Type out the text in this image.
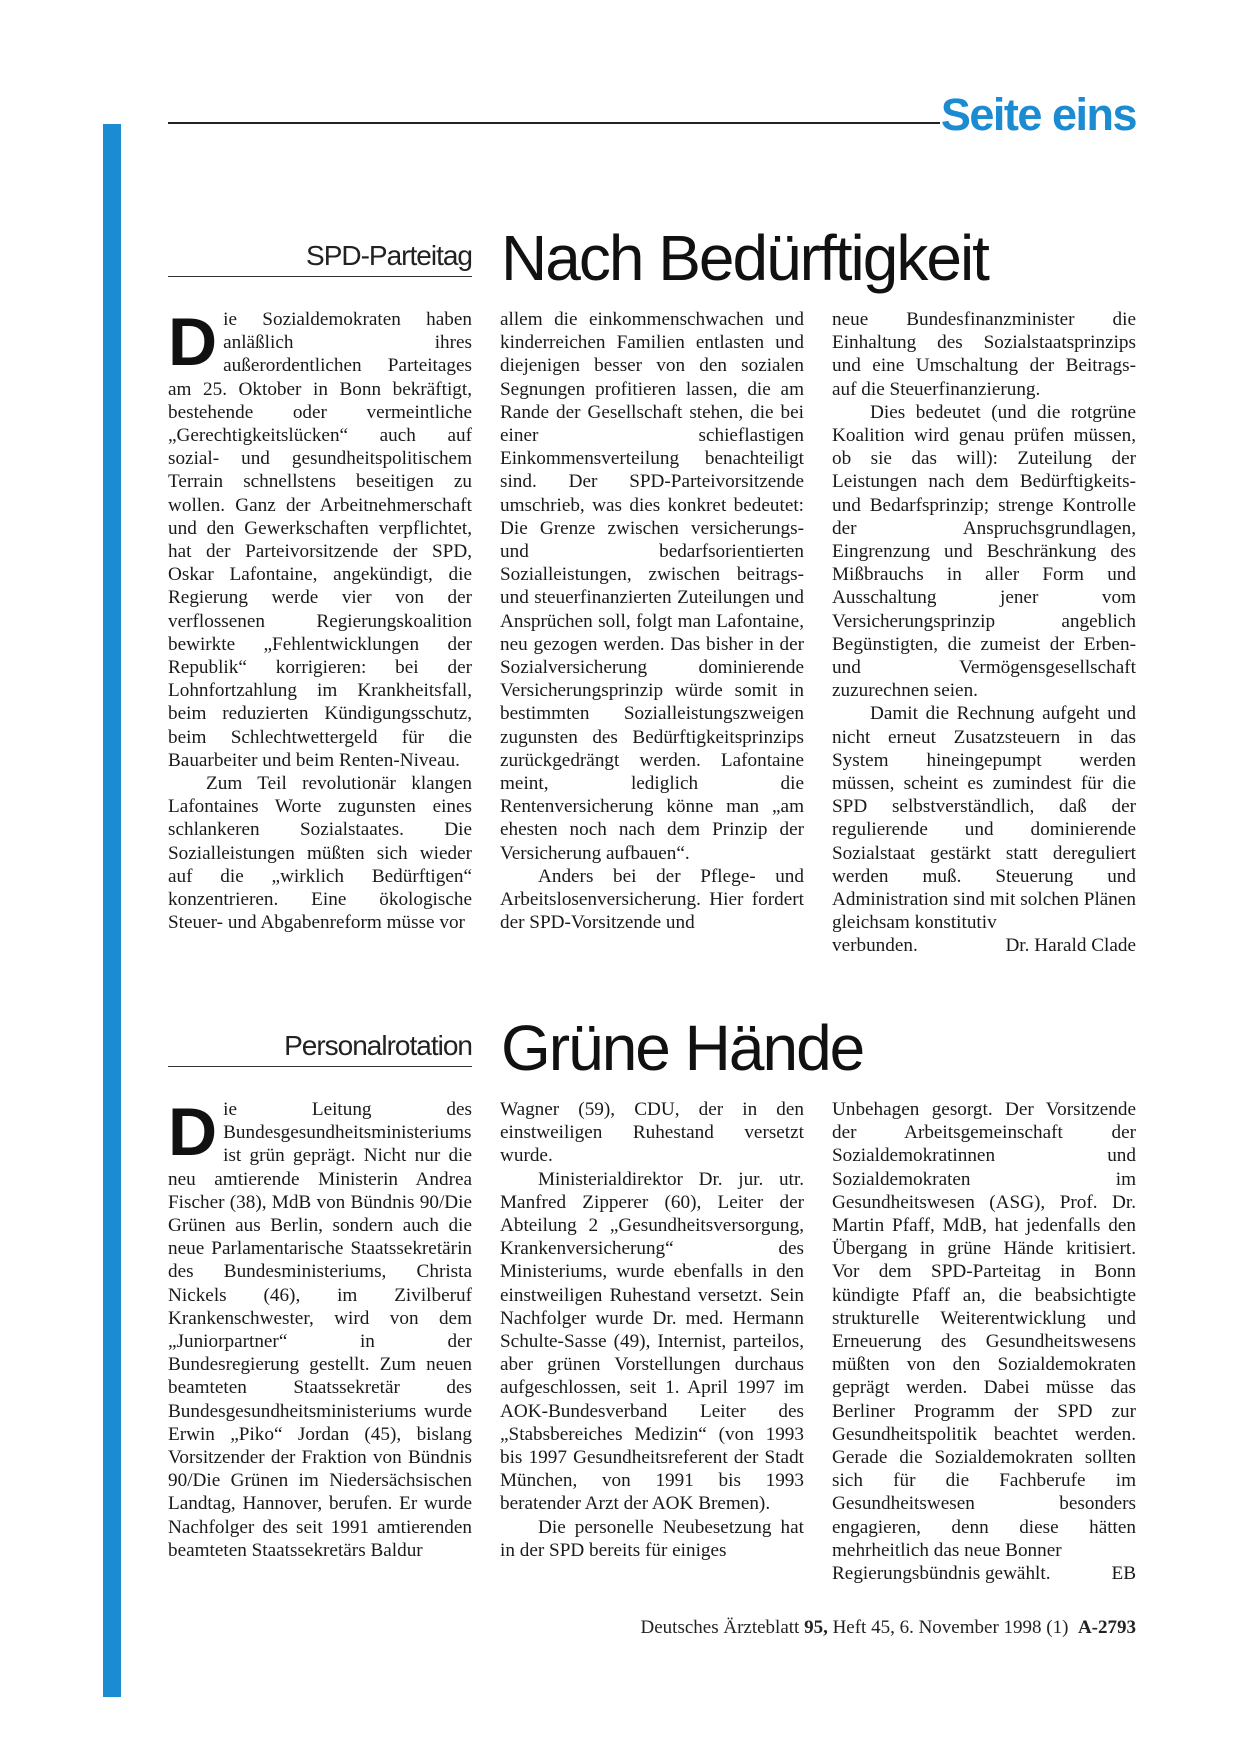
Seite eins
SPD-Parteitag Nach Bedürftigkeit

Die Sozialdemokraten haben anläßlich ihres außerordentlichen Parteitages am 25. Oktober in Bonn bekräftigt, bestehende oder vermeintliche „Gerechtigkeitslücken“ auch auf sozial- und gesundheitspolitischem Terrain schnellstens beseitigen zu wollen. Ganz der Arbeitnehmerschaft und den Gewerkschaften verpflichtet, hat der Parteivorsitzende der SPD, Oskar Lafontaine, angekündigt, die Regierung werde vier von der verflossenen Regierungskoalition bewirkte „Fehlentwicklungen der Republik“ korrigieren: bei der Lohnfortzahlung im Krankheitsfall, beim reduzierten Kündigungsschutz, beim Schlechtwettergeld für die Bauarbeiter und beim Renten-Niveau.

Zum Teil revolutionär klangen Lafontaines Worte zugunsten eines schlankeren Sozialstaates. Die Sozialleistungen müßten sich wieder auf die „wirklich Bedürftigen“ konzentrieren. Eine ökologische Steuer- und Abgabenreform müsse vor

allem die einkommenschwachen und kinderreichen Familien entlasten und diejenigen besser von den sozialen Segnungen profitieren lassen, die am Rande der Gesellschaft stehen, die bei einer schieflastigen Einkommensverteilung benachteiligt sind. Der SPD-Parteivorsitzende umschrieb, was dies konkret bedeutet: Die Grenze zwischen versicherungs- und bedarfsorientierten Sozialleistungen, zwischen beitrags- und steuerfinanzierten Zuteilungen und Ansprüchen soll, folgt man Lafontaine, neu gezogen werden. Das bisher in der Sozialversicherung dominierende Versicherungsprinzip würde somit in bestimmten Sozialleistungszweigen zugunsten des Bedürftigkeitsprinzips zurückgedrängt werden. Lafontaine meint, lediglich die Rentenversicherung könne man „am ehesten noch nach dem Prinzip der Versicherung aufbauen“.

Anders bei der Pflege- und Arbeitslosenversicherung. Hier fordert der SPD-Vorsitzende und

neue Bundesfinanzminister die Einhaltung des Sozialstaatsprinzips und eine Umschaltung der Beitrags- auf die Steuerfinanzierung.

Dies bedeutet (und die rotgrüne Koalition wird genau prüfen müssen, ob sie das will): Zuteilung der Leistungen nach dem Bedürftigkeits- und Bedarfsprinzip; strenge Kontrolle der Anspruchsgrundlagen, Eingrenzung und Beschränkung des Mißbrauchs in aller Form und Ausschaltung jener vom Versicherungsprinzip angeblich Begünstigten, die zumeist der Erben- und Vermögensgesellschaft zuzurechnen seien.

Damit die Rechnung aufgeht und nicht erneut Zusatzsteuern in das System hineingepumpt werden müssen, scheint es zumindest für die SPD selbstverständlich, daß der regulierende und dominierende Sozialstaat gestärkt statt dereguliert werden muß. Steuerung und Administration sind mit solchen Plänen gleichsam konstitutiv

verbunden.	Dr. Harald Clade
Personalrotation Grüne Hände

Die Leitung des Bundesgesundheitsministeriums ist grün geprägt. Nicht nur die neu amtierende Ministerin Andrea Fischer (38), MdB von Bündnis 90/Die Grünen aus Berlin, sondern auch die neue Parlamentarische Staatssekretärin des Bundesministeriums, Christa Nickels (46), im Zivilberuf Krankenschwester, wird von dem „Juniorpartner“ in der Bundesregierung gestellt. Zum neuen beamteten Staatssekretär des Bundesgesundheitsministeriums wurde Erwin „Piko“ Jordan (45), bislang Vorsitzender der Fraktion von Bündnis 90/Die Grünen im Niedersächsischen Landtag, Hannover, berufen. Er wurde Nachfolger des seit 1991 amtierenden beamteten Staatssekretärs Baldur

Wagner (59), CDU, der in den einstweiligen Ruhestand versetzt wurde.

Ministerialdirektor Dr. jur. utr. Manfred Zipperer (60), Leiter der Abteilung 2 „Gesundheitsversorgung, Krankenversicherung“ des Ministeriums, wurde ebenfalls in den einstweiligen Ruhestand versetzt. Sein Nachfolger wurde Dr. med. Hermann Schulte-Sasse (49), Internist, parteilos, aber grünen Vorstellungen durchaus aufgeschlossen, seit 1. April 1997 im AOK-Bundesverband Leiter des „Stabsbereiches Medizin“ (von 1993 bis 1997 Gesundheitsreferent der Stadt München, von 1991 bis 1993 beratender Arzt der AOK Bremen).

Die personelle Neubesetzung hat in der SPD bereits für einiges

Unbehagen gesorgt. Der Vorsitzende der Arbeitsgemeinschaft der Sozialdemokratinnen und Sozialdemokraten im Gesundheitswesen (ASG), Prof. Dr. Martin Pfaff, MdB, hat jedenfalls den Übergang in grüne Hände kritisiert. Vor dem SPD-Parteitag in Bonn kündigte Pfaff an, die beabsichtigte strukturelle Weiterentwicklung und Erneuerung des Gesundheitswesens müßten von den Sozialdemokraten geprägt werden. Dabei müsse das Berliner Programm der SPD zur Gesundheitspolitik beachtet werden. Gerade die Sozialdemokraten sollten sich für die Fachberufe im Gesundheitswesen besonders engagieren, denn diese hätten mehrheitlich das neue Bonner

Regierungsbündnis gewählt.	EB
Deutsches Ärzteblatt 95, Heft 45, 6. November 1998 (1) A-2793
